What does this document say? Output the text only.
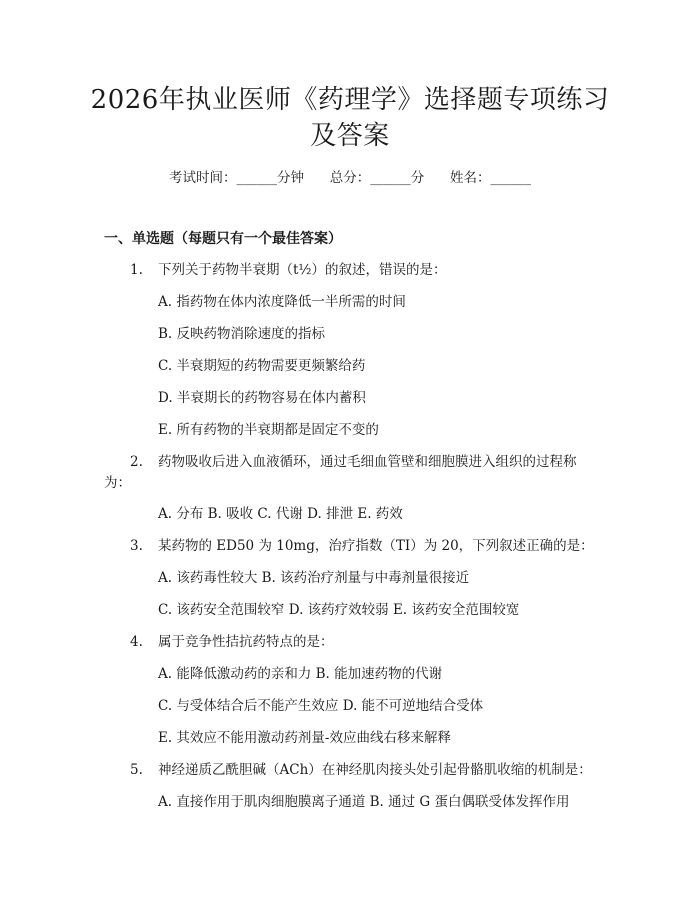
2026年执业医师《药理学》选择题专项练习
及答案
考试时间：______分钟 总分：______分 姓名：______
一、单选题（每题只有一个最佳答案）
1. 下列关于药物半衰期（t½）的叙述，错误的是：
A. 指药物在体内浓度降低一半所需的时间
B. 反映药物消除速度的指标
C. 半衰期短的药物需要更频繁给药
D. 半衰期长的药物容易在体内蓄积
E. 所有药物的半衰期都是固定不变的
2. 药物吸收后进入血液循环，通过毛细血管壁和细胞膜进入组织的过程称
为：
A. 分布 B. 吸收 C. 代谢 D. 排泄 E. 药效
3. 某药物的 ED50 为 10mg，治疗指数（TI）为 20，下列叙述正确的是：
A. 该药毒性较大 B. 该药治疗剂量与中毒剂量很接近
C. 该药安全范围较窄 D. 该药疗效较弱 E. 该药安全范围较宽
4. 属于竞争性拮抗药特点的是：
A. 能降低激动药的亲和力 B. 能加速药物的代谢
C. 与受体结合后不能产生效应 D. 能不可逆地结合受体
E. 其效应不能用激动药剂量-效应曲线右移来解释
5. 神经递质乙酰胆碱（ACh）在神经肌肉接头处引起骨骼肌收缩的机制是：
A. 直接作用于肌肉细胞膜离子通道 B. 通过 G 蛋白偶联受体发挥作用
